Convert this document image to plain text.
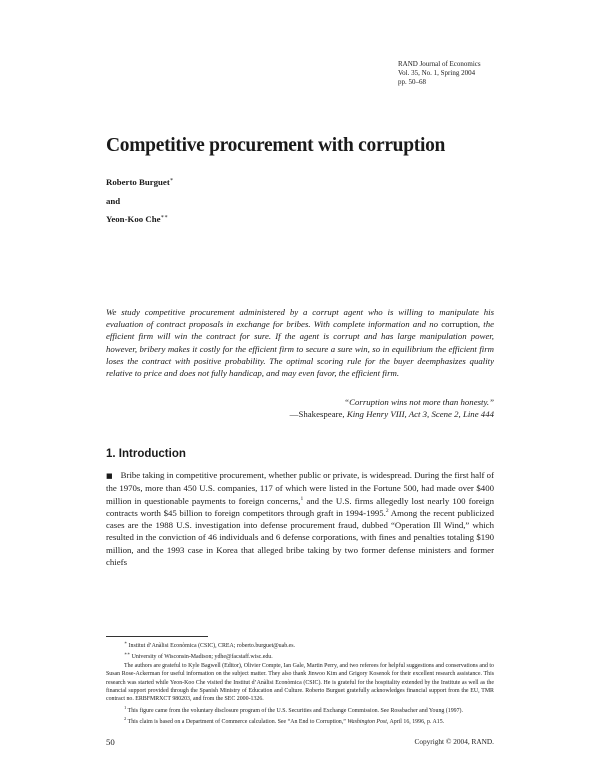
RAND Journal of Economics
Vol. 35, No. 1, Spring 2004
pp. 50–68
Competitive procurement with corruption
Roberto Burguet∗
and
Yeon-Koo Che∗∗
We study competitive procurement administered by a corrupt agent who is willing to manipulate his evaluation of contract proposals in exchange for bribes. With complete information and no corruption, the efficient firm will win the contract for sure. If the agent is corrupt and has large manipulation power, however, bribery makes it costly for the efficient firm to secure a sure win, so in equilibrium the efficient firm loses the contract with positive probability. The optimal scoring rule for the buyer deemphasizes quality relative to price and does not fully handicap, and may even favor, the efficient firm.
“Corruption wins not more than honesty.”
—Shakespeare, King Henry VIII, Act 3, Scene 2, Line 444
1. Introduction
■ Bribe taking in competitive procurement, whether public or private, is widespread. During the first half of the 1970s, more than 450 U.S. companies, 117 of which were listed in the Fortune 500, had made over $400 million in questionable payments to foreign concerns,$^1$ and the U.S. firms allegedly lost nearly 100 foreign contracts worth $45 billion to foreign competitors through graft in 1994-1995.$^2$ Among the recent publicized cases are the 1988 U.S. investigation into defense procurement fraud, dubbed “Operation Ill Wind,” which resulted in the conviction of 46 individuals and 6 defense corporations, with fines and penalties totaling $190 million, and the 1993 case in Korea that alleged bribe taking by two former defense ministers and former chiefs

∗ Institut d’Anàlisi Econòmica (CSIC), CREA; roberto.burguet@uab.es.

∗∗ University of Wisconsin-Madison; ydhe@facstaff.wisc.edu.

The authors are grateful to Kyle Bagwell (Editor), Olivier Compte, Ian Gale, Martin Perry, and two referees for helpful suggestions and conservations and to Susan Rose-Ackerman for useful information on the subject matter. They also thank Jinwoo Kim and Grigory Kosenok for their excellent research assistance. This research was started while Yeon-Koo Che visited the Institut d’Anàlisi Econòmica (CSIC). He is grateful for the hospitality extended by the Institute as well as the financial support provided through the Spanish Ministry of Education and Culture. Roberto Burguet gratefully acknowledges financial support from the EU, TMR contract no. ERBFMRXCT 980203, and from the SEC 2000-1326.

$^1$ This figure came from the voluntary disclosure program of the U.S. Securities and Exchange Commission. See Rossbacher and Young (1997).

$^2$ This claim is based on a Department of Commerce calculation. See “An End to Corruption,” Washington Post, April 16, 1996, p. A15.

50	Copyright © 2004, RAND.
